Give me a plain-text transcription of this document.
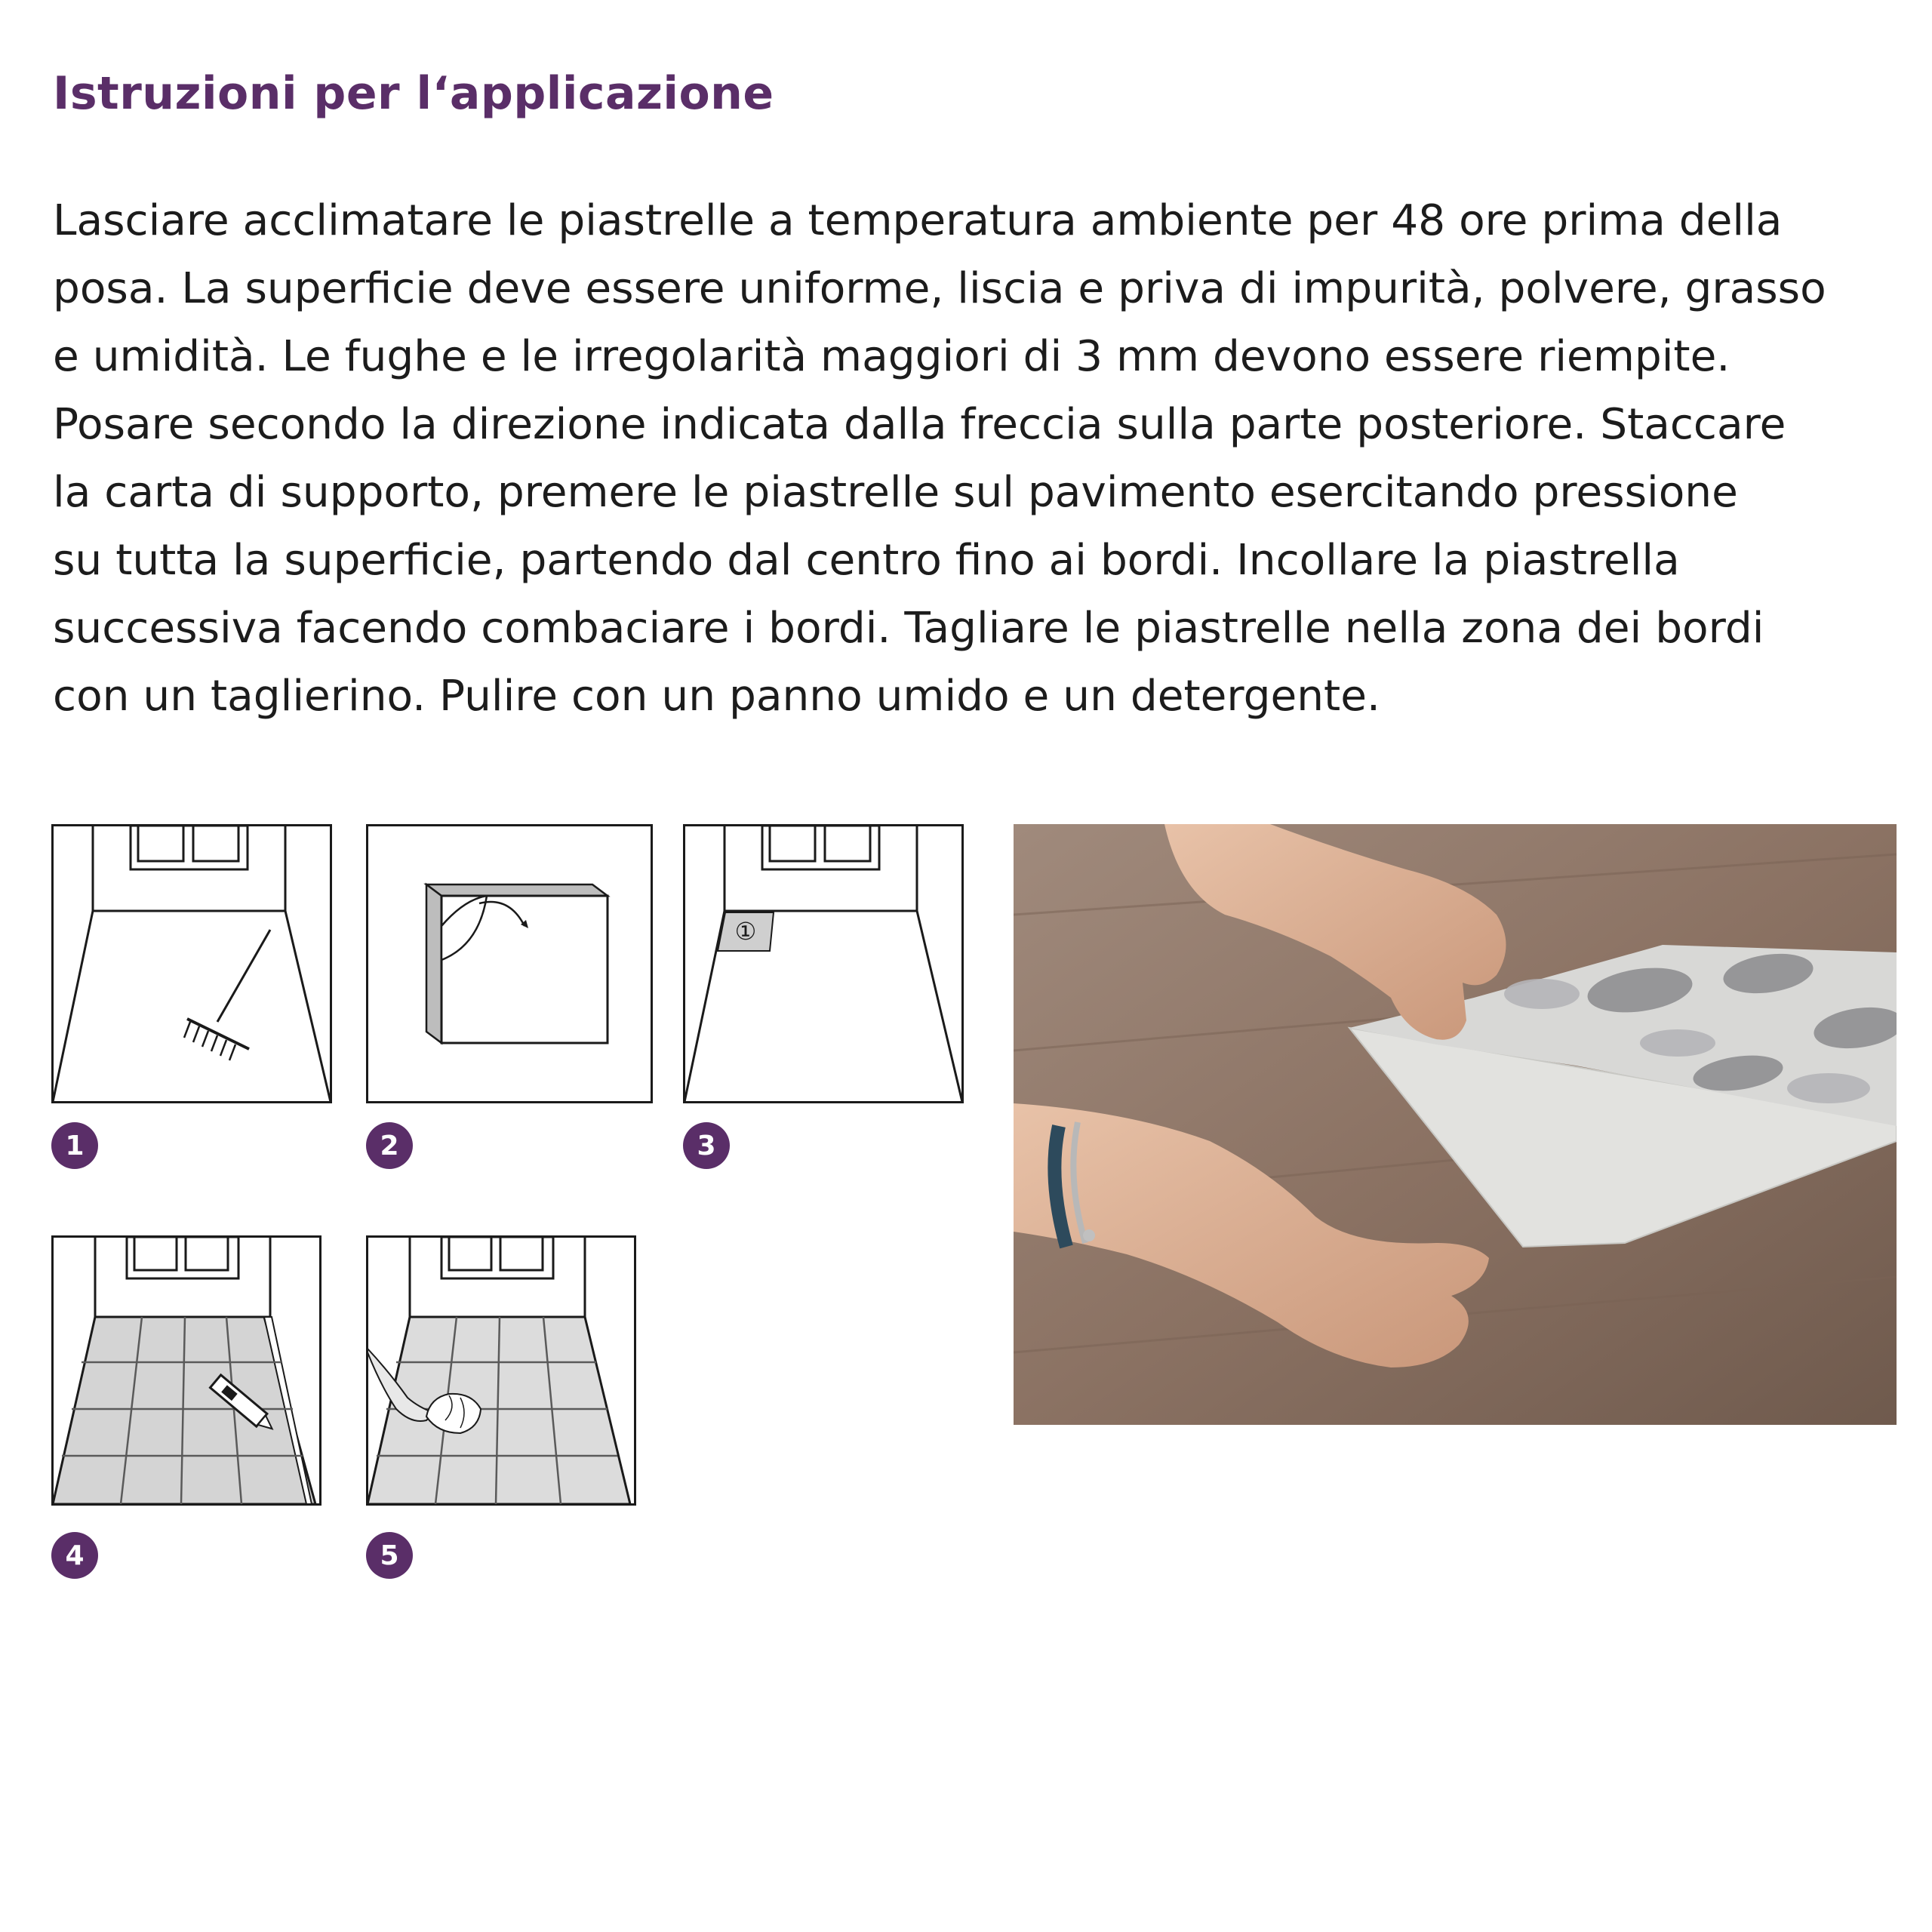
Istruzioni per l‘applicazione
Lasciare acclimatare le piastrelle a temperatura ambiente per 48 ore prima della
posa. La superficie deve essere uniforme, liscia e priva di impurità, polvere, grasso
e umidità. Le fughe e le irregolarità maggiori di 3 mm devono essere riempite.
Posare secondo la direzione indicata dalla freccia sulla parte posteriore. Staccare
la carta di supporto, premere le piastrelle sul pavimento esercitando pressione
su tutta la superficie, partendo dal centro fino ai bordi. Incollare la piastrella
successiva facendo combaciare i bordi. Tagliare le piastrelle nella zona dei bordi
con un taglierino. Pulire con un panno umido e un detergente.
1	2
①
3
4	5
